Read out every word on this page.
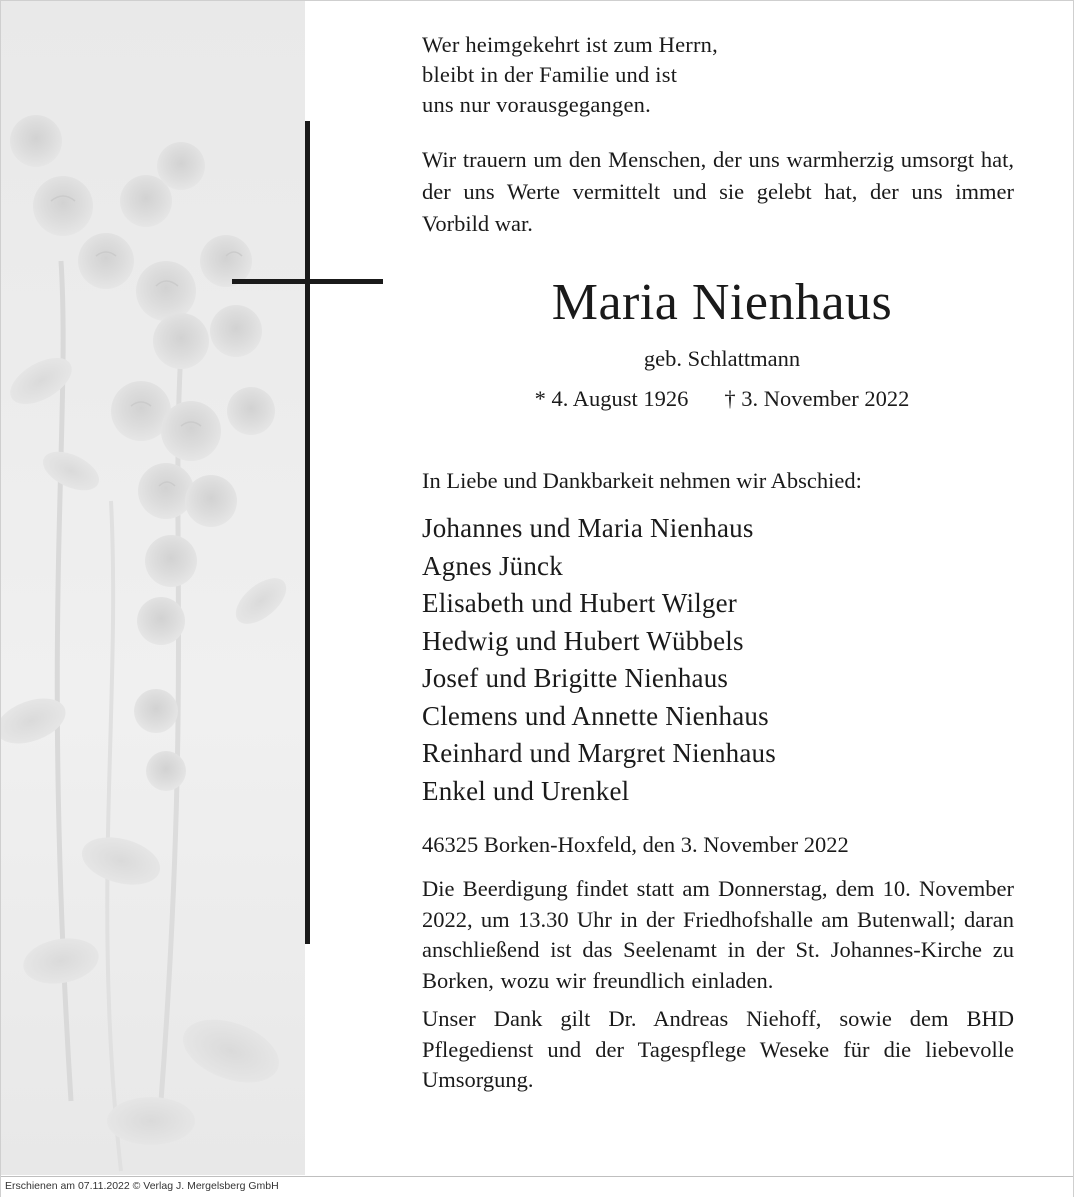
Wer heimgekehrt ist zum Herrn,
bleibt in der Familie und ist
uns nur vorausgegangen.
Wir trauern um den Menschen, der uns warmherzig umsorgt hat, der uns Werte vermittelt und sie gelebt hat, der uns immer Vorbild war.
Maria Nienhaus
geb. Schlattmann
* 4. August 1926 † 3. November 2022
In Liebe und Dankbarkeit nehmen wir Abschied:
Johannes und Maria Nienhaus
Agnes Jünck
Elisabeth und Hubert Wilger
Hedwig und Hubert Wübbels
Josef und Brigitte Nienhaus
Clemens und Annette Nienhaus
Reinhard und Margret Nienhaus
Enkel und Urenkel
46325 Borken-Hoxfeld, den 3. November 2022
Die Beerdigung findet statt am Donnerstag, dem 10. November 2022, um 13.30 Uhr in der Friedhofshalle am Butenwall; daran anschließend ist das Seelenamt in der St. Johannes-Kirche zu Borken, wozu wir freundlich einladen.
Unser Dank gilt Dr. Andreas Niehoff, sowie dem BHD Pflegedienst und der Tagespflege Weseke für die liebevolle Umsorgung.
Erschienen am 07.11.2022 © Verlag J. Mergelsberg GmbH
